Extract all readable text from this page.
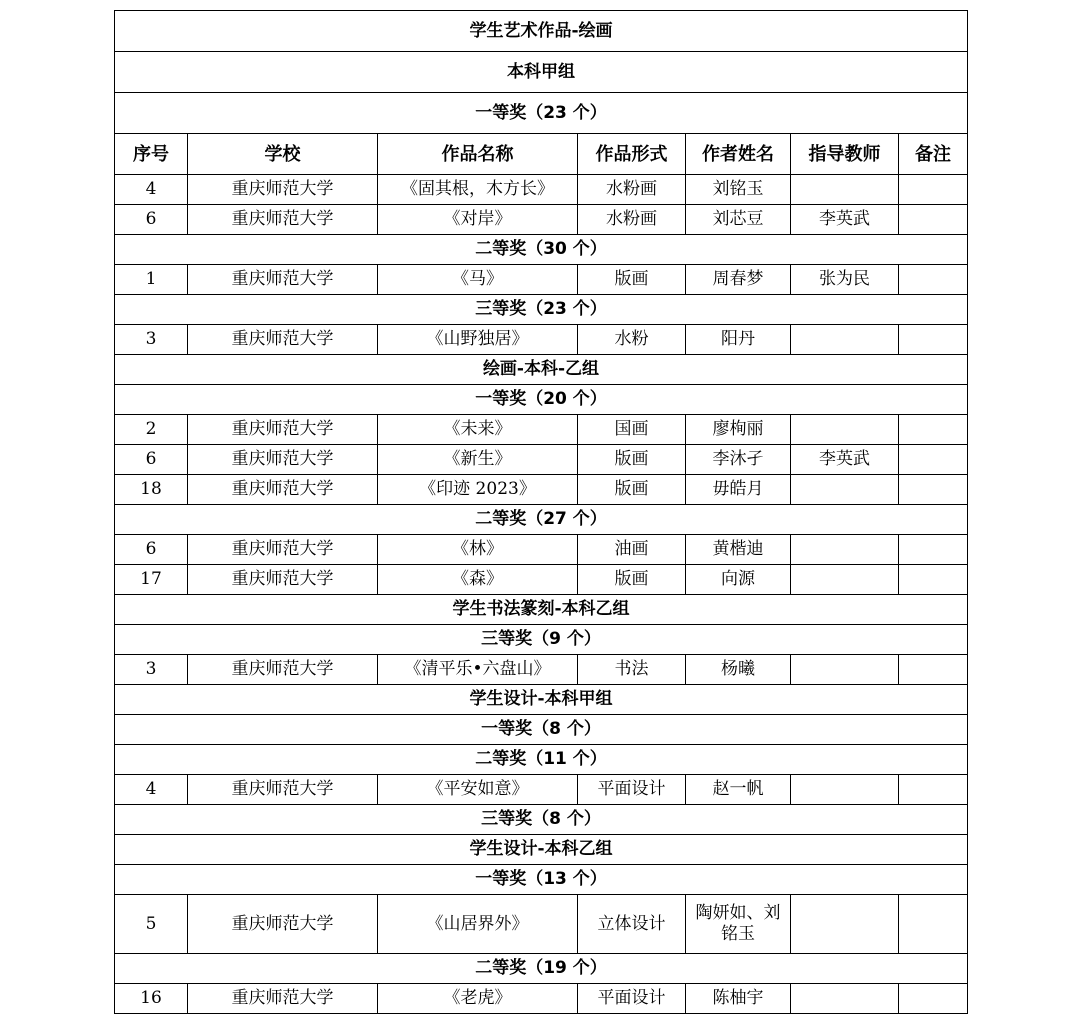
学生艺术作品-绘画						
本科甲组						
一等奖（23 个）						
序号	学校	作品名称	作品形式	作者姓名	指导教师	备注
4	重庆师范大学	《固其根，木方长》	水粉画	刘铭玉		
6	重庆师范大学	《对岸》	水粉画	刘芯豆	李英武	
二等奖（30 个）						
1	重庆师范大学	《马》	版画	周春梦	张为民	
三等奖（23 个）						
3	重庆师范大学	《山野独居》	水粉	阳丹		
绘画-本科-乙组						
一等奖（20 个）						
2	重庆师范大学	《未来》	国画	廖栒丽		
6	重庆师范大学	《新生》	版画	李沐孑	李英武	
18	重庆师范大学	《印迹 2023》	版画	毋皓月		
二等奖（27 个）						
6	重庆师范大学	《林》	油画	黄楷迪		
17	重庆师范大学	《森》	版画	向源		
学生书法篆刻-本科乙组						
三等奖（9 个）						
3	重庆师范大学	《清平乐•六盘山》	书法	杨曦		
学生设计-本科甲组						
一等奖（8 个）						
二等奖（11 个）						
4	重庆师范大学	《平安如意》	平面设计	赵一帆		
三等奖（8 个）						
学生设计-本科乙组						
一等奖（13 个）						
5	重庆师范大学	《山居界外》	立体设计	陶妍如、刘铭玉		
二等奖（19 个）						
16	重庆师范大学	《老虎》	平面设计	陈柚宇		
